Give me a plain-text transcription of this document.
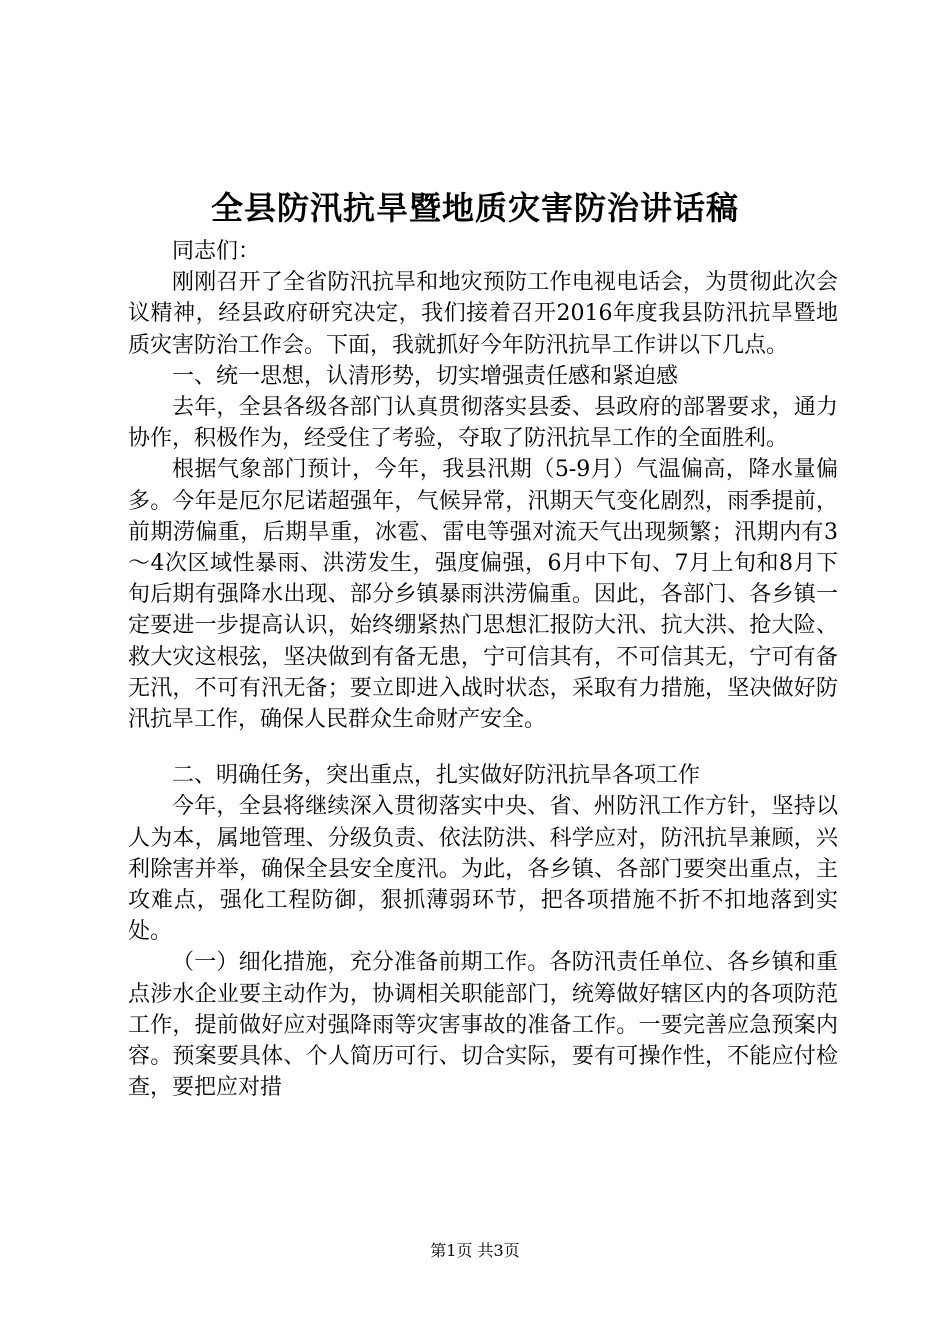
全县防汛抗旱暨地质灾害防治讲话稿

同志们：

刚刚召开了全省防汛抗旱和地灾预防工作电视电话会，为贯彻此次会议精神，经县政府研究决定，我们接着召开2016年度我县防汛抗旱暨地质灾害防治工作会。下面，我就抓好今年防汛抗旱工作讲以下几点。

一、统一思想，认清形势，切实增强责任感和紧迫感

去年，全县各级各部门认真贯彻落实县委、县政府的部署要求，通力协作，积极作为，经受住了考验，夺取了防汛抗旱工作的全面胜利。

根据气象部门预计，今年，我县汛期（5-9月）气温偏高，降水量偏多。今年是厄尔尼诺超强年，气候异常，汛期天气变化剧烈，雨季提前，前期涝偏重，后期旱重，冰雹、雷电等强对流天气出现频繁；汛期内有3～4次区域性暴雨、洪涝发生，强度偏强，6月中下旬、7月上旬和8月下旬后期有强降水出现、部分乡镇暴雨洪涝偏重。因此，各部门、各乡镇一定要进一步提高认识，始终绷紧热门思想汇报防大汛、抗大洪、抢大险、救大灾这根弦，坚决做到有备无患，宁可信其有，不可信其无，宁可有备无汛，不可有汛无备；要立即进入战时状态，采取有力措施，坚决做好防汛抗旱工作，确保人民群众生命财产安全。

二、明确任务，突出重点，扎实做好防汛抗旱各项工作

今年，全县将继续深入贯彻落实中央、省、州防汛工作方针，坚持以人为本，属地管理、分级负责、依法防洪、科学应对，防汛抗旱兼顾，兴利除害并举，确保全县安全度汛。为此，各乡镇、各部门要突出重点，主攻难点，强化工程防御，狠抓薄弱环节，把各项措施不折不扣地落到实处。

（一）细化措施，充分准备前期工作。各防汛责任单位、各乡镇和重点涉水企业要主动作为，协调相关职能部门，统筹做好辖区内的各项防范工作，提前做好应对强降雨等灾害事故的准备工作。一要完善应急预案内容。预案要具体、个人简历可行、切合实际，要有可操作性，不能应付检查，要把应对措

第1页 共3页
